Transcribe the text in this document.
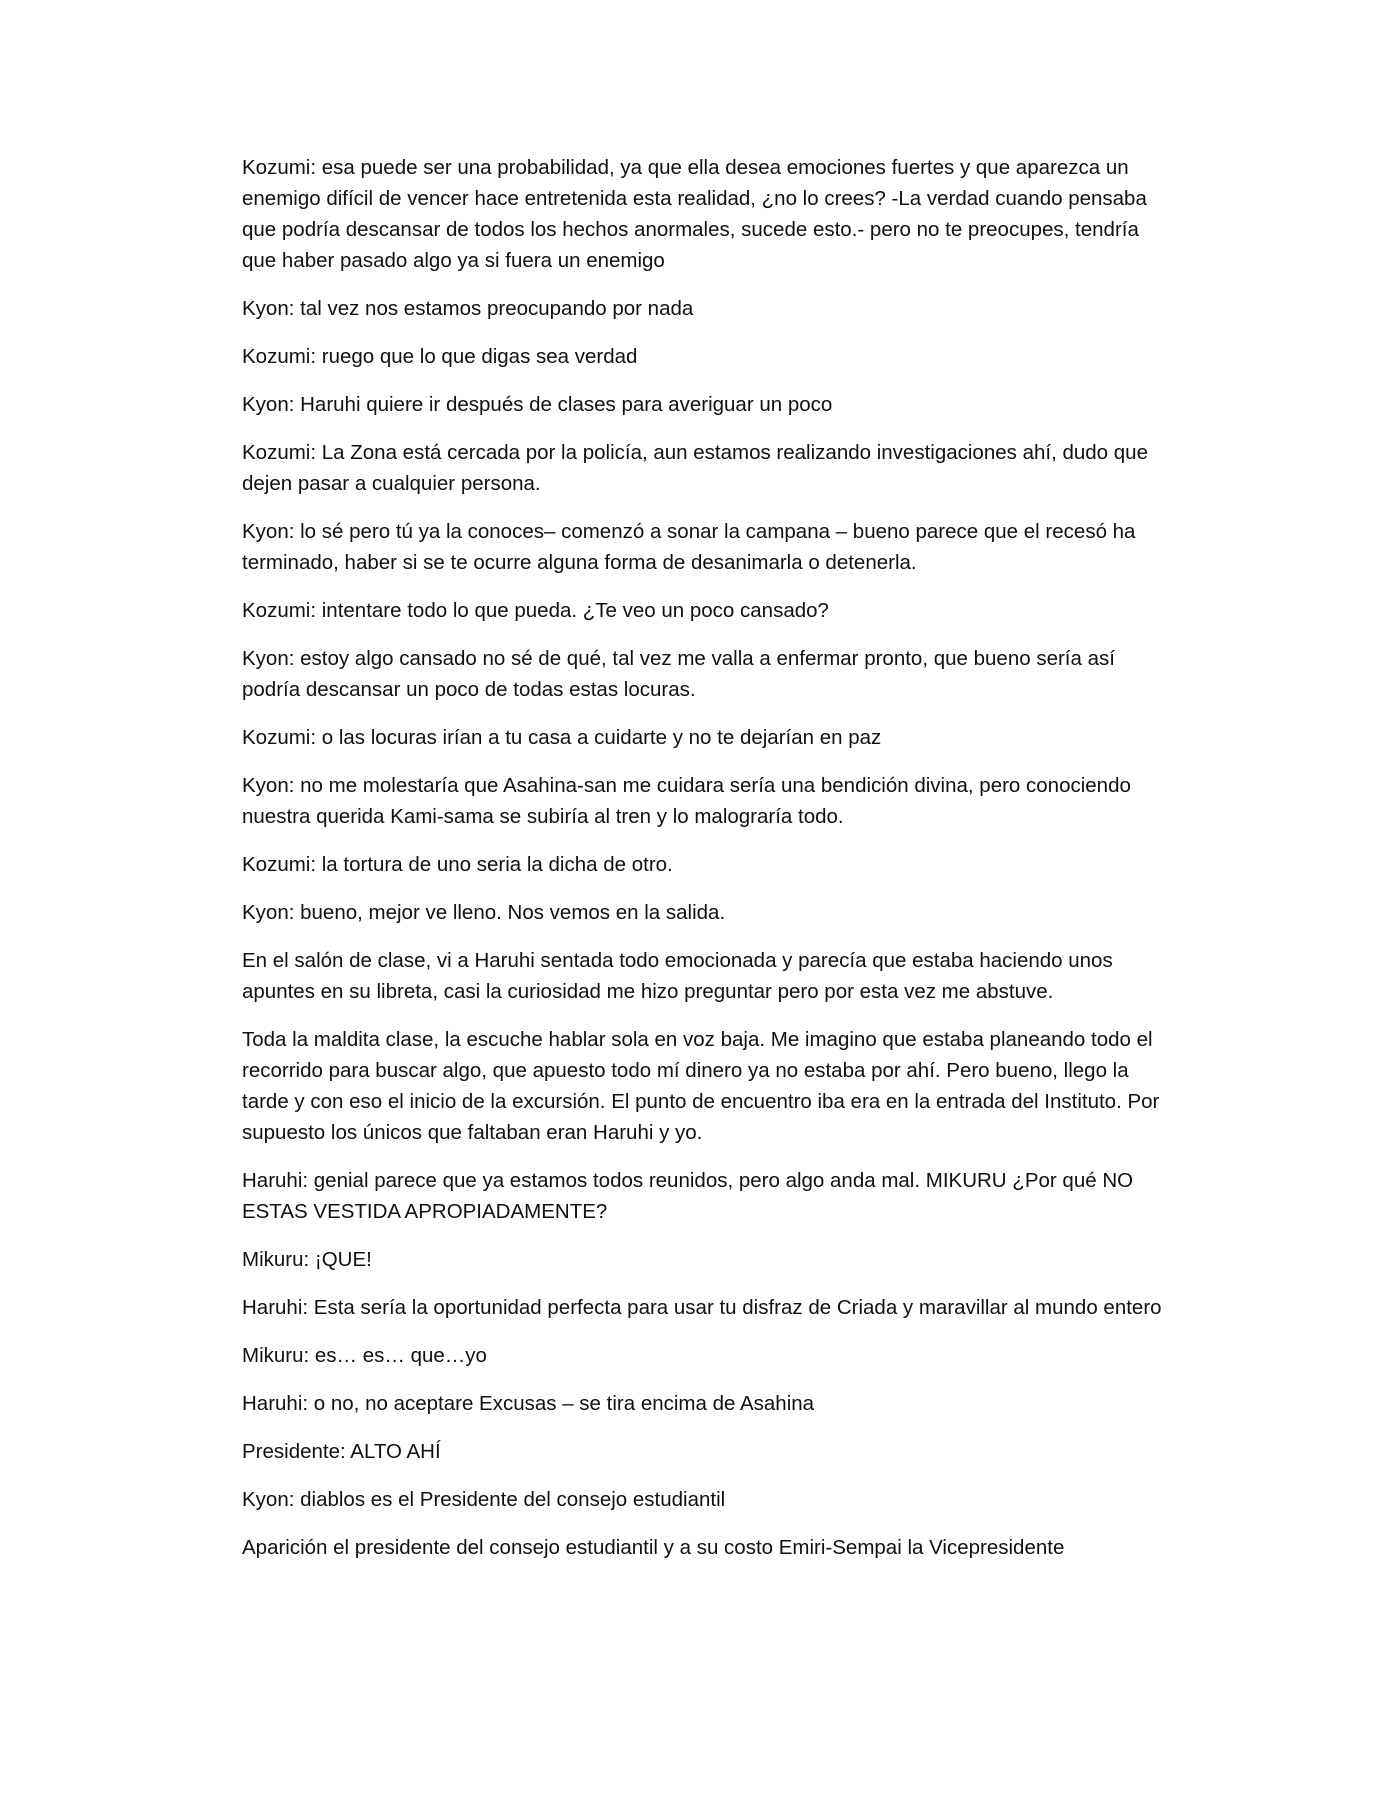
Kozumi: esa puede ser una probabilidad, ya que ella desea emociones fuertes y que aparezca un enemigo difícil de vencer hace entretenida esta realidad, ¿no lo crees? -La verdad cuando pensaba que podría descansar de todos los hechos anormales, sucede esto.- pero no te preocupes, tendría que haber pasado algo ya si fuera un enemigo

Kyon: tal vez nos estamos preocupando por nada

Kozumi: ruego que lo que digas sea verdad

Kyon: Haruhi quiere ir después de clases para averiguar un poco

Kozumi: La Zona está cercada por la policía, aun estamos realizando investigaciones ahí, dudo que dejen pasar a cualquier persona.

Kyon: lo sé pero tú ya la conoces– comenzó a sonar la campana – bueno parece que el recesó ha terminado, haber si se te ocurre alguna forma de desanimarla o detenerla.

Kozumi: intentare todo lo que pueda. ¿Te veo un poco cansado?

Kyon: estoy algo cansado no sé de qué, tal vez me valla a enfermar pronto, que bueno sería así podría descansar un poco de todas estas locuras.

Kozumi: o las locuras irían a tu casa a cuidarte y no te dejarían en paz

Kyon: no me molestaría que Asahina-san me cuidara sería una bendición divina, pero conociendo nuestra querida Kami-sama se subiría al tren y lo malograría todo.

Kozumi: la tortura de uno seria la dicha de otro.

Kyon: bueno, mejor ve lleno. Nos vemos en la salida.

En el salón de clase, vi a Haruhi sentada todo emocionada y parecía que estaba haciendo unos apuntes en su libreta, casi la curiosidad me hizo preguntar pero por esta vez me abstuve.

Toda la maldita clase, la escuche hablar sola en voz baja. Me imagino que estaba planeando todo el recorrido para buscar algo, que apuesto todo mí dinero ya no estaba por ahí. Pero bueno, llego la tarde y con eso el inicio de la excursión. El punto de encuentro iba era en la entrada del Instituto. Por supuesto los únicos que faltaban eran Haruhi y yo.

Haruhi: genial parece que ya estamos todos reunidos, pero algo anda mal. MIKURU ¿Por qué NO ESTAS VESTIDA APROPIADAMENTE?

Mikuru: ¡QUE!

Haruhi: Esta sería la oportunidad perfecta para usar tu disfraz de Criada y maravillar al mundo entero

Mikuru: es… es… que…yo

Haruhi: o no, no aceptare Excusas – se tira encima de Asahina

Presidente: ALTO AHÍ

Kyon: diablos es el Presidente del consejo estudiantil

Aparición el presidente del consejo estudiantil y a su costo Emiri-Sempai la Vicepresidente
